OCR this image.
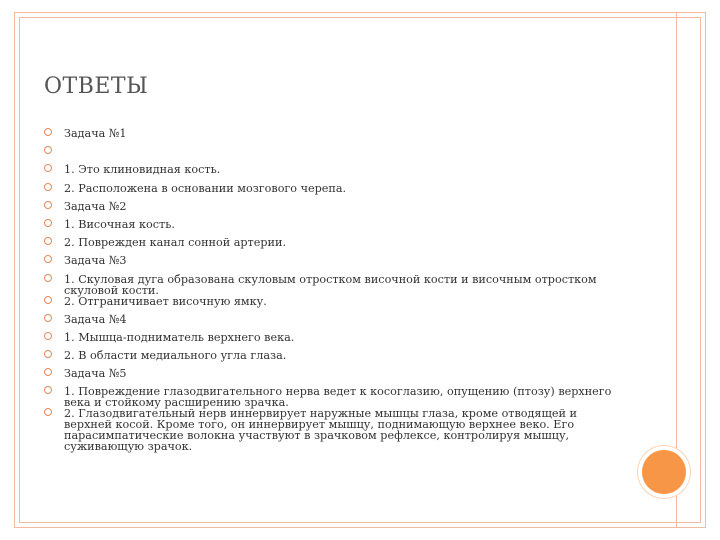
ОТВЕТЫ
Задача №1
1. Это клиновидная кость.
2. Расположена в основании мозгового черепа.
Задача №2
1. Височная кость.
2. Поврежден канал сонной артерии.
Задача №3
1. Скуловая дуга образована скуловым отростком височной кости и височным отростком скуловой кости.
2. Отграничивает височную ямку.
Задача №4
1. Мышца-подниматель верхнего века.
2. В области медиального угла глаза.
Задача №5
1. Повреждение глазодвигательного нерва ведет к косоглазию, опущению (птозу) верхнего века и стойкому расширению зрачка.
2. Глазодвигательный нерв иннервирует наружные мышцы глаза, кроме отводящей и верхней косой. Кроме того, он иннервирует мышцу, поднимающую верхнее веко. Его парасимпатические волокна участвуют в зрачковом рефлексе, контролируя мышцу, суживающую зрачок.
